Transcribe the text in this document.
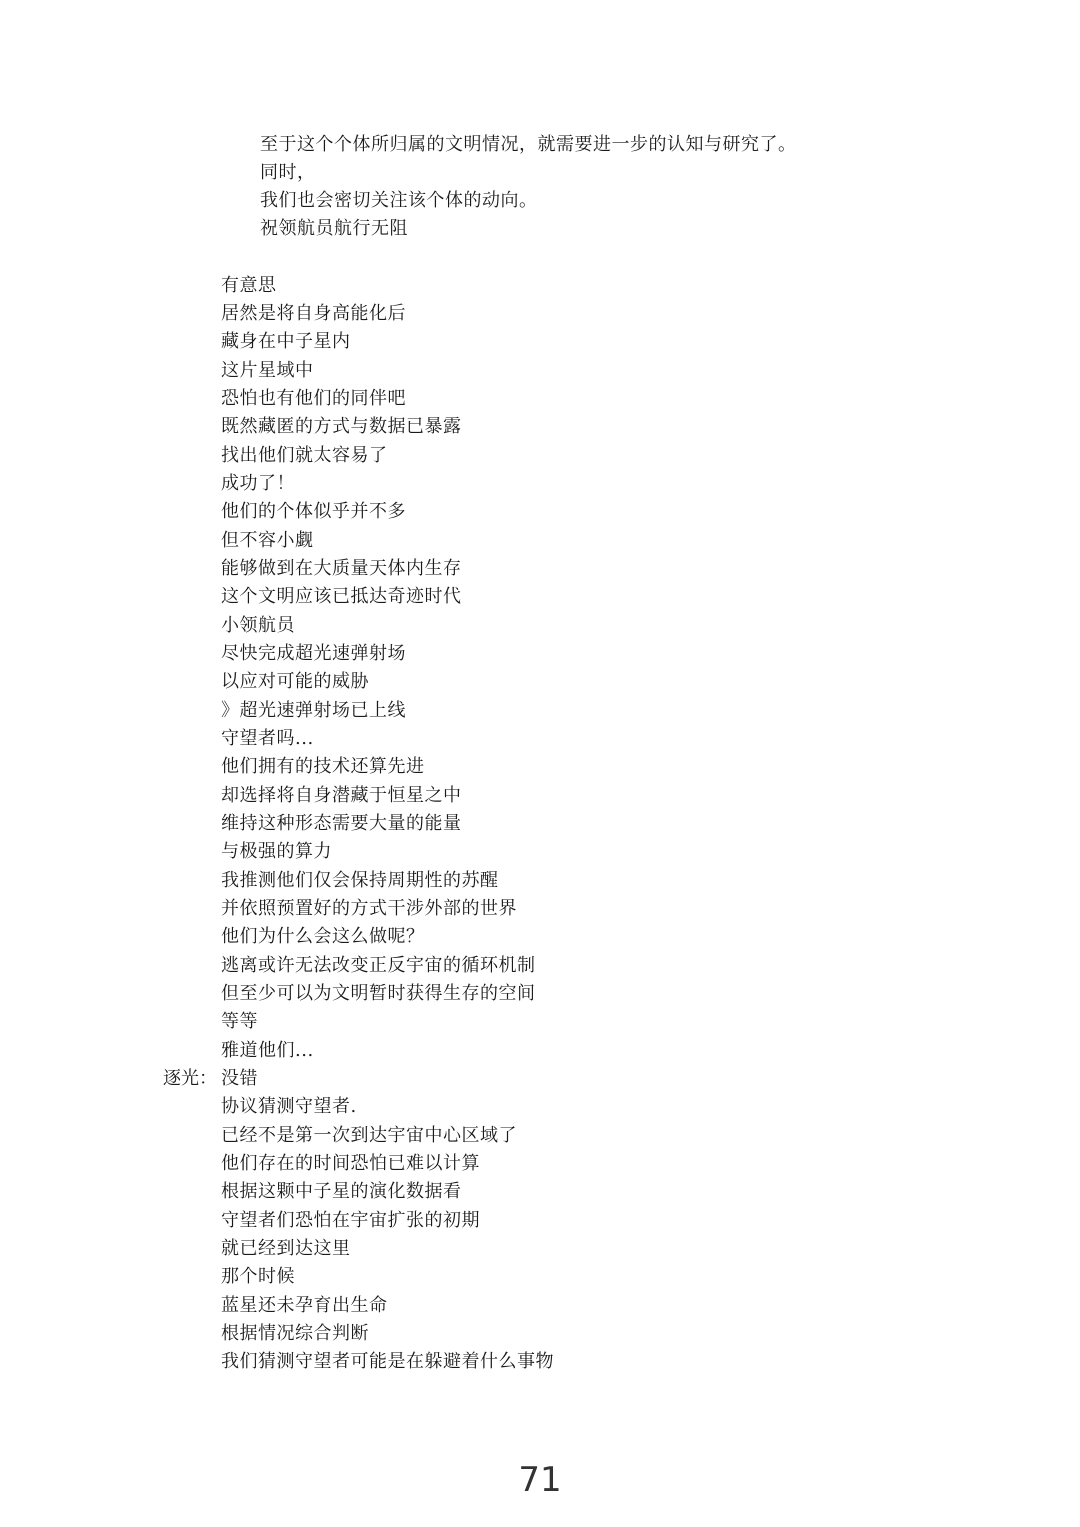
至于这个个体所归属的文明情况，就需要进一步的认知与研究了。
同时，
我们也会密切关注该个体的动向。
祝领航员航行无阻
有意思
居然是将自身高能化后
藏身在中子星内
这片星域中
恐怕也有他们的同伴吧
既然藏匿的方式与数据已暴露
找出他们就太容易了
成功了！
他们的个体似乎并不多
但不容小觑
能够做到在大质量天体内生存
这个文明应该已抵达奇迹时代
小领航员
尽快完成超光速弹射场
以应对可能的威胁
》超光速弹射场已上线
守望者吗...
他们拥有的技术还算先进
却选择将自身潜藏于恒星之中
维持这种形态需要大量的能量
与极强的算力
我推测他们仅会保持周期性的苏醒
并依照预置好的方式干涉外部的世界
他们为什么会这么做呢？
逃离或许无法改变正反宇宙的循环机制
但至少可以为文明暂时获得生存的空间
等等
雅道他们...
逐光： 没错
协议猜测守望者.
已经不是第一次到达宇宙中心区域了
他们存在的时间恐怕已难以计算
根据这颗中子星的演化数据看
守望者们恐怕在宇宙扩张的初期
就已经到达这里
那个时候
蓝星还未孕育出生命
根据情况综合判断
我们猜测守望者可能是在躲避着什么事物
71
